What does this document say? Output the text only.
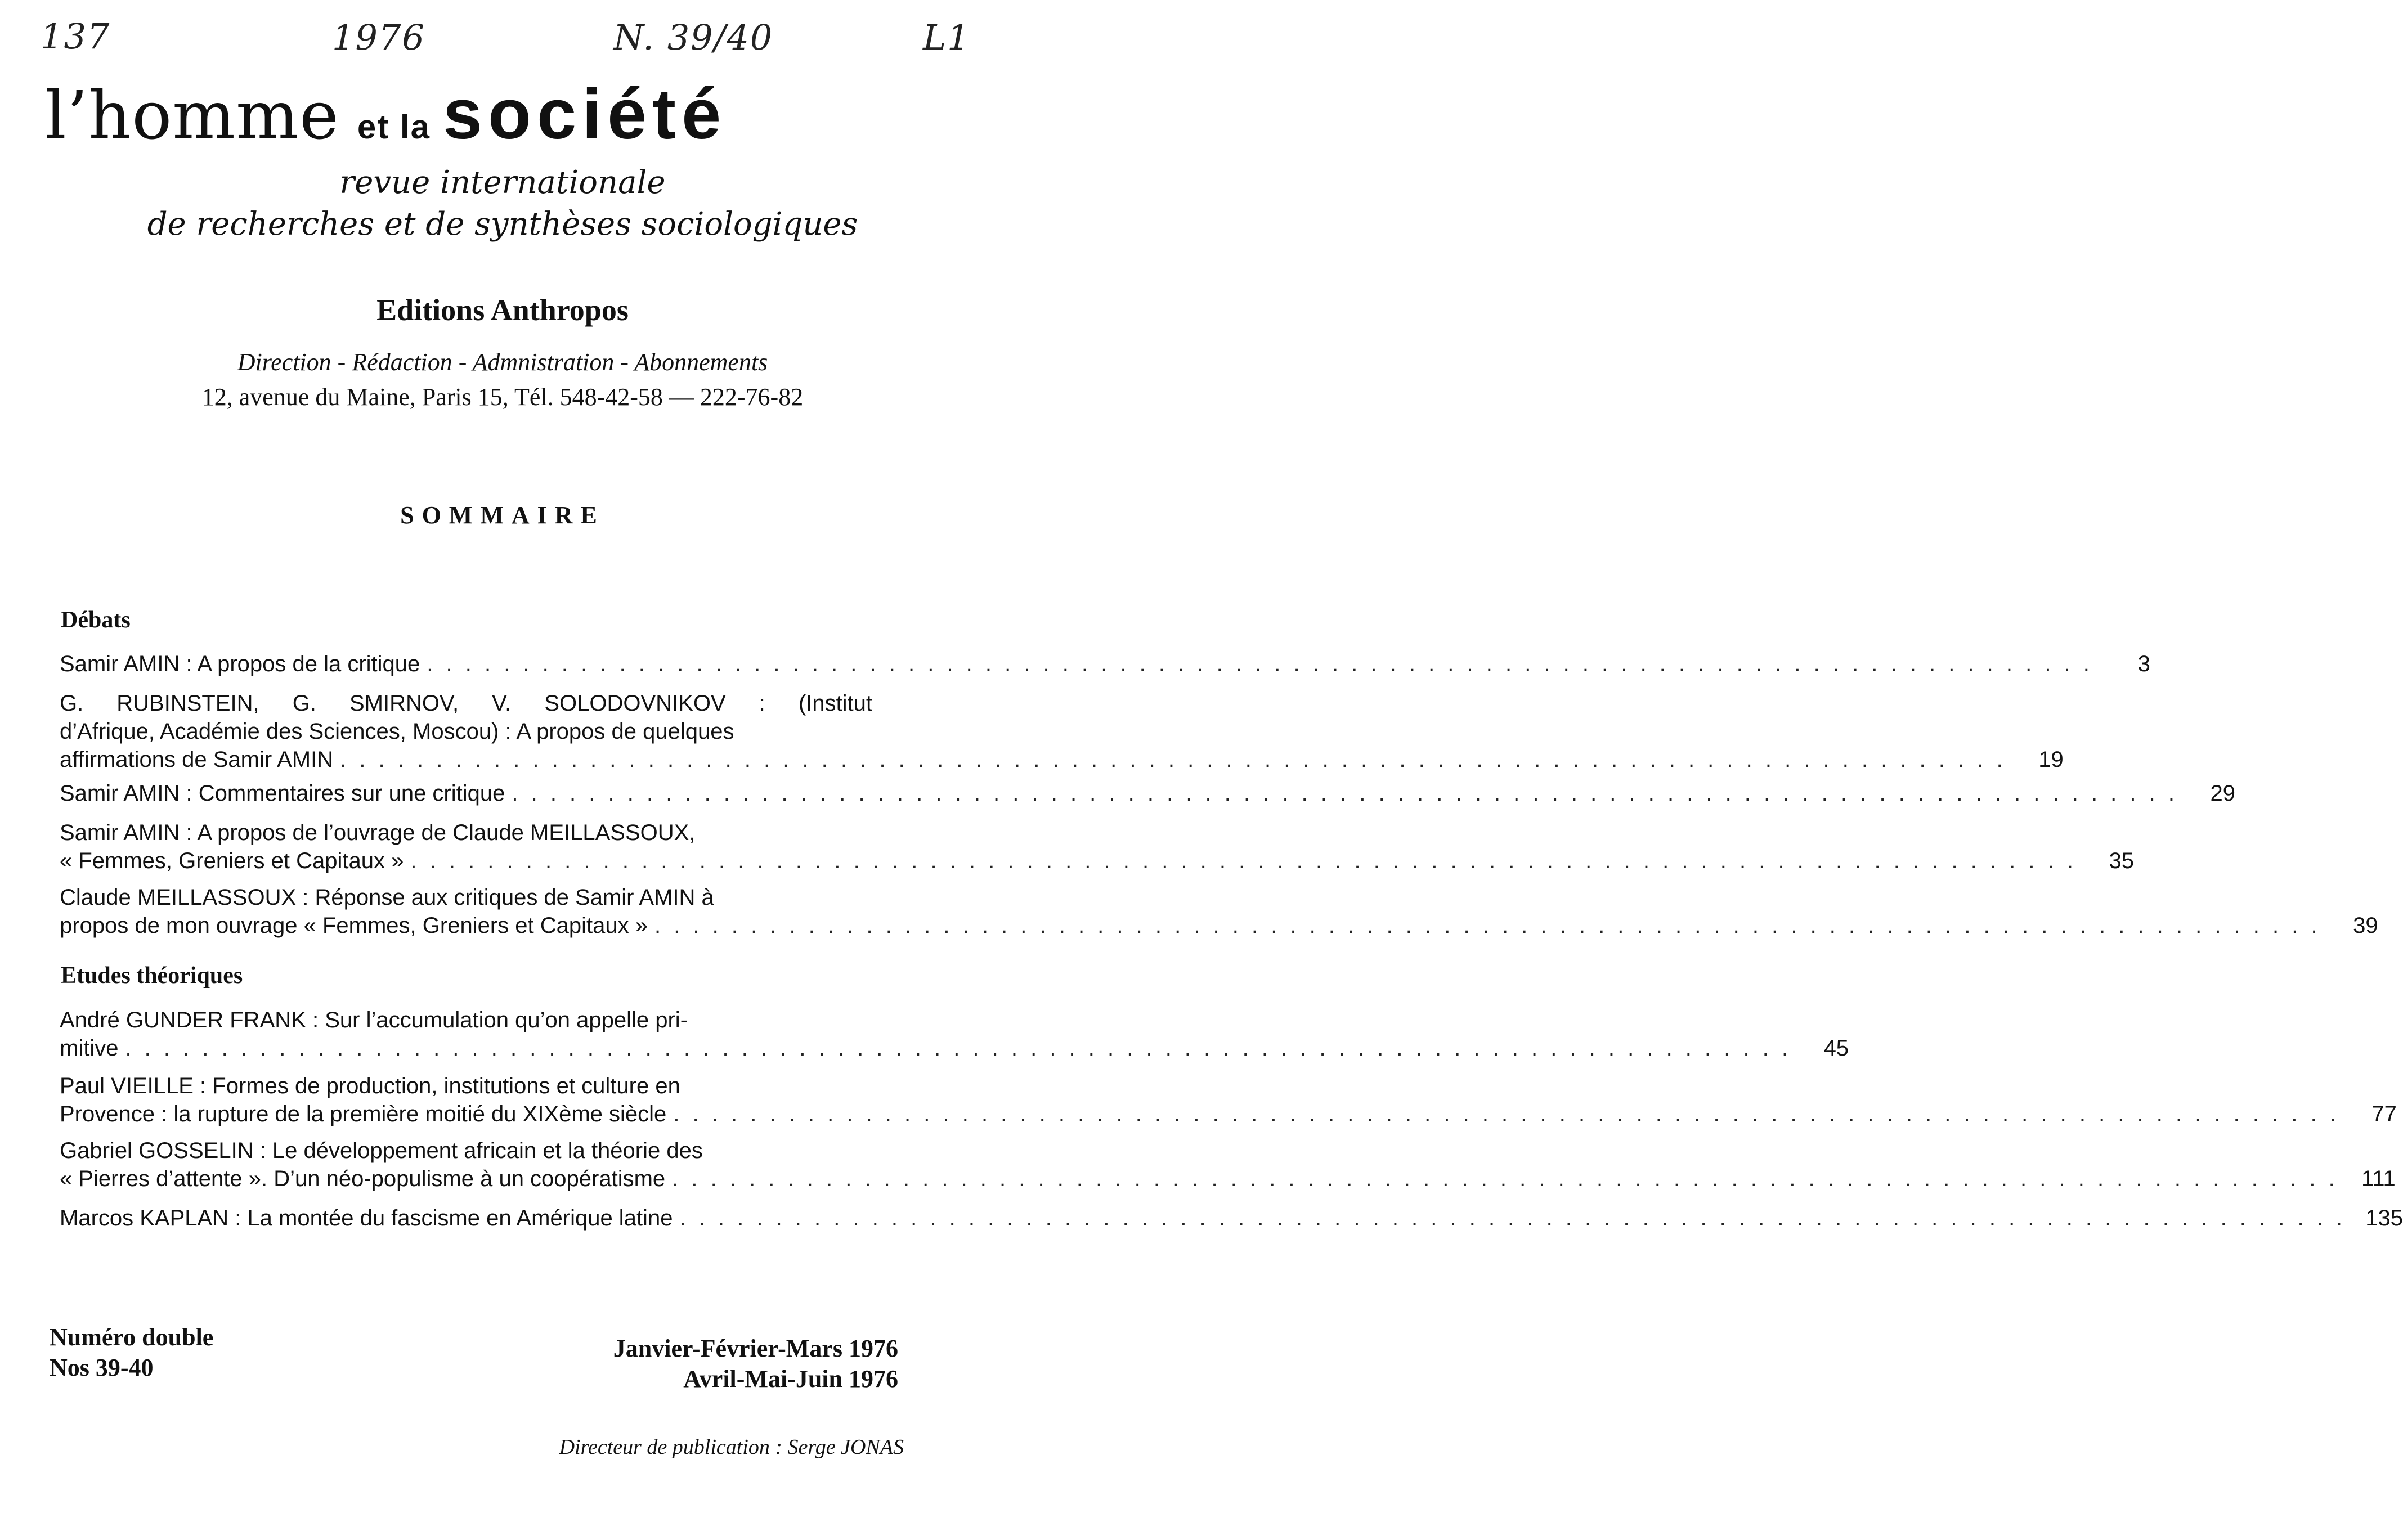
137	1976	N. 39/40	L1
l’homme et la société
revue internationale
de recherches et de synthèses sociologiques
Editions Anthropos
Direction - Rédaction - Admnistration - Abonnements
12, avenue du Maine, Paris 15, Tél. 548-42-58 — 222-76-82
SOMMAIRE
Débats
Samir AMIN : A propos de la critique . . . . . . . . . . . . . . . . . . . . . . . . . . . . . . . . . . . . . . . . . . . . . . . . . . . . . . . . . . . . . . . . . . . . . . . . . . . . . . . . . . . . . . .	3
G. RUBINSTEIN, G. SMIRNOV, V. SOLODOVNIKOV : (Institut
d’Afrique, Académie des Sciences, Moscou) : A propos de quelques
affirmations de Samir AMIN . . . . . . . . . . . . . . . . . . . . . . . . . . . . . . . . . . . . . . . . . . . . . . . . . . . . . . . . . . . . . . . . . . . . . . . . . . . . . . . . . . . . . . .	19
Samir AMIN : Commentaires sur une critique . . . . . . . . . . . . . . . . . . . . . . . . . . . . . . . . . . . . . . . . . . . . . . . . . . . . . . . . . . . . . . . . . . . . . . . . . . . . . . . . . . . . . . .	29
Samir AMIN : A propos de l’ouvrage de Claude MEILLASSOUX,
« Femmes, Greniers et Capitaux » . . . . . . . . . . . . . . . . . . . . . . . . . . . . . . . . . . . . . . . . . . . . . . . . . . . . . . . . . . . . . . . . . . . . . . . . . . . . . . . . . . . . . . .	35
Claude MEILLASSOUX : Réponse aux critiques de Samir AMIN à
propos de mon ouvrage « Femmes, Greniers et Capitaux » . . . . . . . . . . . . . . . . . . . . . . . . . . . . . . . . . . . . . . . . . . . . . . . . . . . . . . . . . . . . . . . . . . . . . . . . . . . . . . . . . . . . . . .	39
Etudes théoriques
André GUNDER FRANK : Sur l’accumulation qu’on appelle pri-
mitive . . . . . . . . . . . . . . . . . . . . . . . . . . . . . . . . . . . . . . . . . . . . . . . . . . . . . . . . . . . . . . . . . . . . . . . . . . . . . . . . . . . . . . .	45
Paul VIEILLE : Formes de production, institutions et culture en
Provence : la rupture de la première moitié du XIXème siècle . . . . . . . . . . . . . . . . . . . . . . . . . . . . . . . . . . . . . . . . . . . . . . . . . . . . . . . . . . . . . . . . . . . . . . . . . . . . . . . . . . . . . . .	77
Gabriel GOSSELIN : Le développement africain et la théorie des
« Pierres d’attente ». D’un néo-populisme à un coopératisme . . . . . . . . . . . . . . . . . . . . . . . . . . . . . . . . . . . . . . . . . . . . . . . . . . . . . . . . . . . . . . . . . . . . . . . . . . . . . . . . . . . . . . .	111
Marcos KAPLAN : La montée du fascisme en Amérique latine . . . . . . . . . . . . . . . . . . . . . . . . . . . . . . . . . . . . . . . . . . . . . . . . . . . . . . . . . . . . . . . . . . . . . . . . . . . . . . . . . . . . . . . 135
Numéro double
Nos 39-40
Janvier-Février-Mars 1976
Avril-Mai-Juin 1976
Directeur de publication : Serge JONAS
